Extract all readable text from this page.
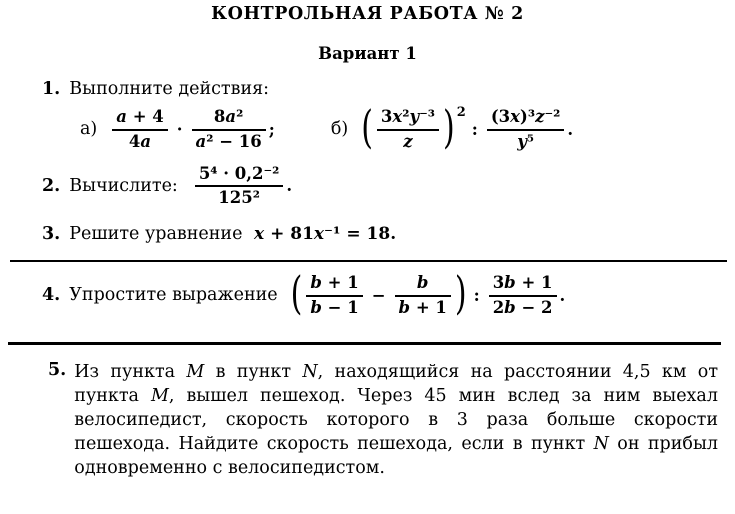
КОНТРОЛЬНАЯ РАБОТА № 2
Вариант 1
1. Выполните действия:
$а) \frac{a + 4}{4a} \cdot \frac{\text{8a²}}{\text{a² − 16}}$ ;	б) ( $\frac{\text{3x²y⁻³}}{z}$ ) 2
: $\frac{\text{(3x)³z⁻²}}{\text{y⁵}}$ .
2. Вычислите: $\frac{\text{5⁴ · 0,2⁻²}}{\text{125²}}$ .
3. Решите уравнение x + 81x⁻¹ = 18.
4. Упростите выражение ( $\frac{b + 1}{b - 1} - \frac{b}{b + 1}$ ) : $\frac{3b + 1}{2b - 2}$ .
5. Из пункта M в пункт N, находящийся на расстоянии 4,5 км от пункта M, вышел пешеход. Через 45 мин вслед за ним выехал велосипедист, скорость которого в 3 раза больше скорости пешехода. Найдите скорость пешехода, если в пункт N он прибыл одновременно с велосипедистом.
